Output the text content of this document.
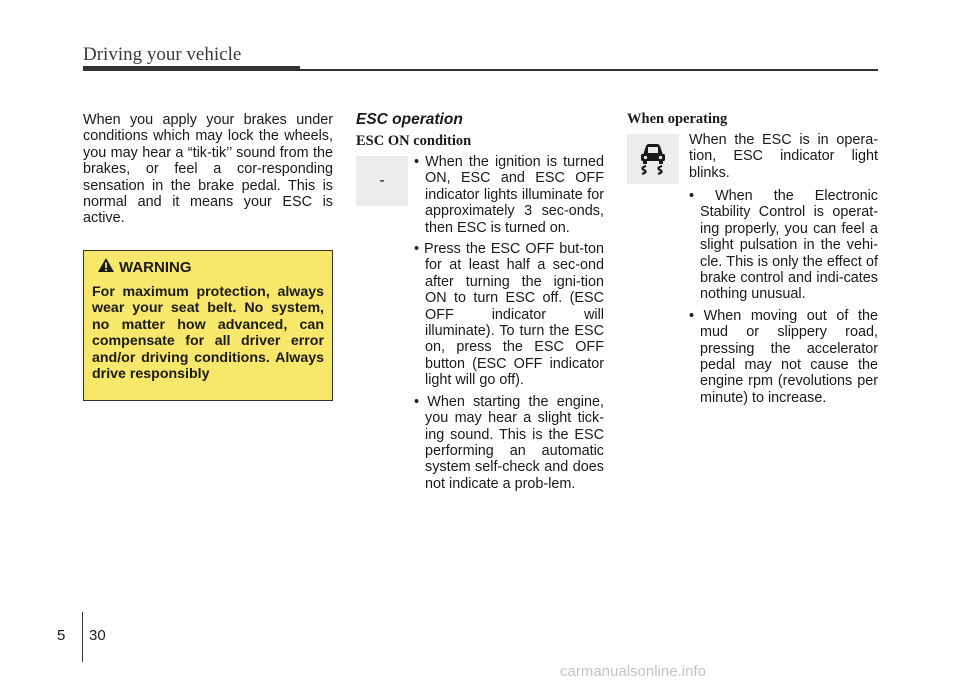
Driving your vehicle

When you apply your brakes under conditions which may lock the wheels, you may hear a “tik-tik’’ sound from the brakes, or feel a cor-responding sensation in the brake pedal. This is normal and it means your ESC is active.

WARNING

For maximum protection, always wear your seat belt. No system, no matter how advanced, can compensate for all driver error and/or driving conditions. Always drive responsibly

ESC operation
ESC ON condition
-
• When the ignition is turned ON, ESC and ESC OFF indicator lights illuminate for approximately 3 sec-onds, then ESC is turned on.
• Press the ESC OFF but-ton for at least half a sec-ond after turning the igni-tion ON to turn ESC off. (ESC OFF indicator will illuminate). To turn the ESC on, press the ESC OFF button (ESC OFF indicator light will go off).
• When starting the engine, you may hear a slight tick-ing sound. This is the ESC performing an automatic system self-check and does not indicate a prob-lem.
When operating

When the ESC is in opera-tion, ESC indicator light blinks.

• When the Electronic Stability Control is operat-ing properly, you can feel a slight pulsation in the vehi-cle. This is only the effect of brake control and indi-cates nothing unusual.
• When moving out of the mud or slippery road, pressing the accelerator pedal may not cause the engine rpm (revolutions per minute) to increase.
5 30
carmanualsonline.info
